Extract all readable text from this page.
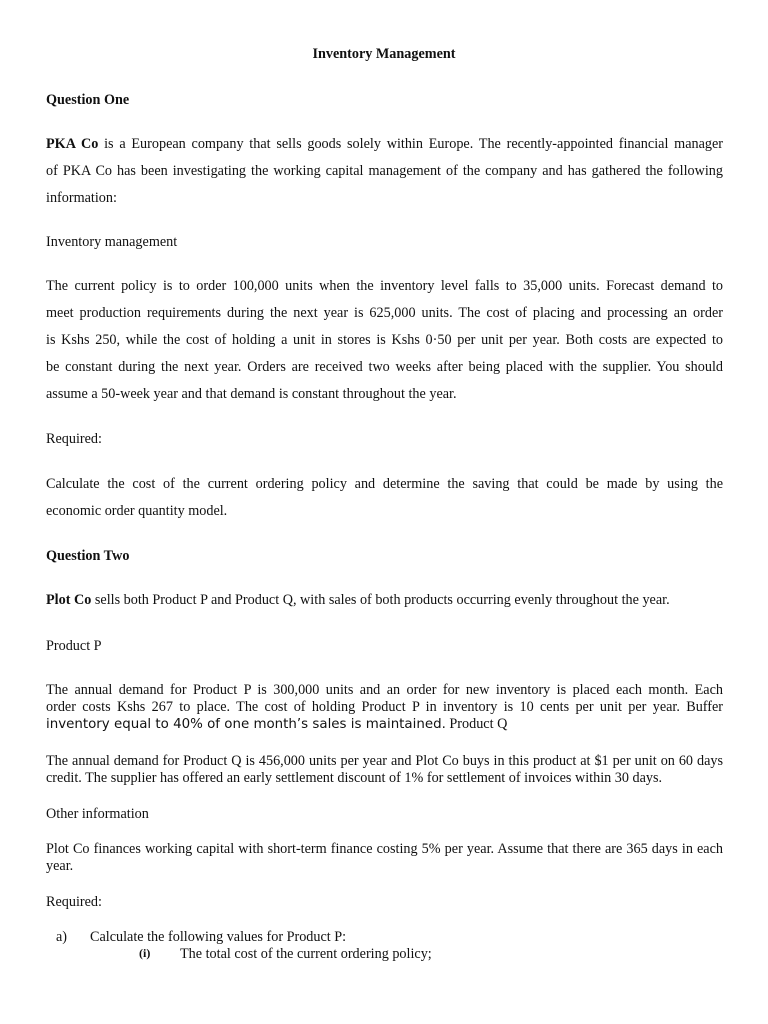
Inventory Management
Question One
PKA Co is a European company that sells goods solely within Europe. The recently-appointed financial manager
of PKA Co has been investigating the working capital management of the company and has gathered the following
information:
Inventory management
The current policy is to order 100,000 units when the inventory level falls to 35,000 units. Forecast demand to
meet production requirements during the next year is 625,000 units. The cost of placing and processing an order
is Kshs 250, while the cost of holding a unit in stores is Kshs 0·50 per unit per year. Both costs are expected to
be constant during the next year. Orders are received two weeks after being placed with the supplier. You should
assume a 50-week year and that demand is constant throughout the year.
Required:
Calculate the cost of the current ordering policy and determine the saving that could be made by using the
economic order quantity model.
Question Two
Plot Co sells both Product P and Product Q, with sales of both products occurring evenly throughout the year.
Product P
The annual demand for Product P is 300,000 units and an order for new inventory is placed each month. Each
order costs Kshs 267 to place. The cost of holding Product P in inventory is 10 cents per unit per year. Buffer
inventory equal to 40% of one month’s sales is maintained. Product Q
The annual demand for Product Q is 456,000 units per year and Plot Co buys in this product at $1 per unit on 60 days
credit. The supplier has offered an early settlement discount of 1% for settlement of invoices within 30 days.
Other information
Plot Co finances working capital with short-term finance costing 5% per year. Assume that there are 365 days in each
year.
Required:
a) Calculate the following values for Product P:
(i) The total cost of the current ordering policy;
